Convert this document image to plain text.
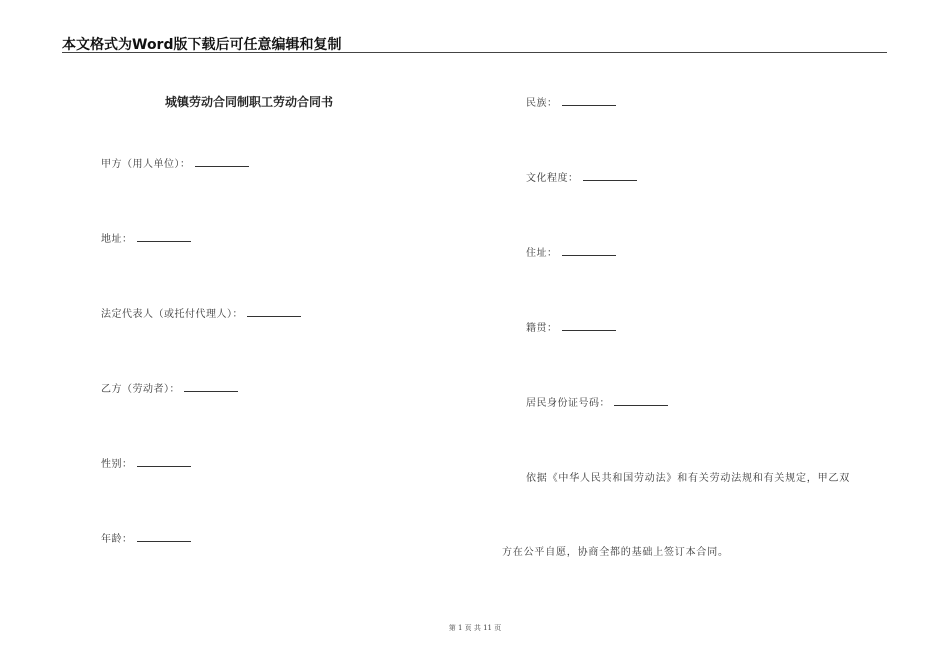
本文格式为Word版下载后可任意编辑和复制
城镇劳动合同制职工劳动合同书
甲方（用人单位）：
地址：
法定代表人（或托付代理人）：
乙方（劳动者）：
性别：
年龄：
民族：
文化程度：
住址：
籍贯：
居民身份证号码：
依据《中华人民共和国劳动法》和有关劳动法规和有关规定，甲乙双
方在公平自愿，协商全都的基础上签订本合同。
第 1 页 共 11 页
